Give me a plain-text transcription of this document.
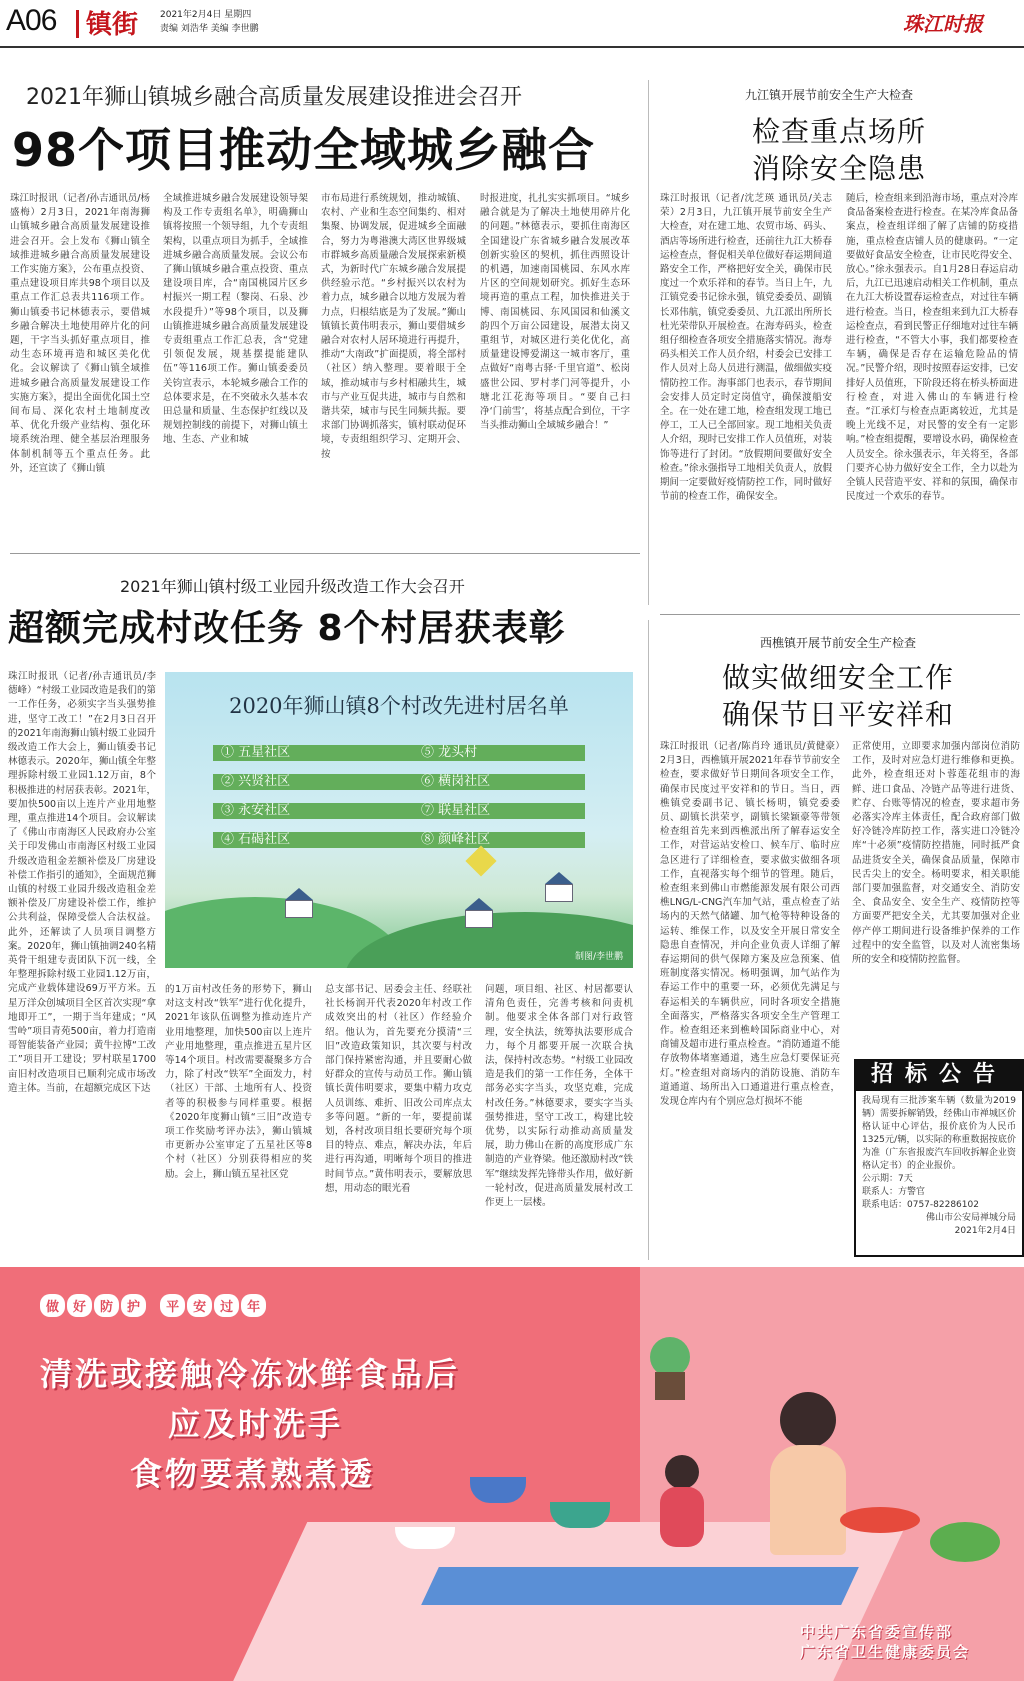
A06 镇街 2021年2月4日 星期四
责编 刘浩华 美编 李世鹏	珠江时报
2021年狮山镇城乡融合高质量发展建设推进会召开
98个项目推动全域城乡融合
珠江时报讯（记者/孙吉通讯员/杨盛梅）2月3日，2021年南海狮山镇城乡融合高质量发展建设推进会召开。会上发布《狮山镇全域推进城乡融合高质量发展建设工作实施方案》，公布重点投资、重点建设项目库共98个项目以及重点工作汇总表共116项工作。狮山镇委书记林德表示，要借城乡融合解决土地使用碎片化的问题，干字当头抓好重点项目，推动生态环境再造和城区美化优化。会议解读了《狮山镇全域推进城乡融合高质量发展建设工作实施方案》，提出全面优化国土空间布局、深化农村土地制度改革、优化升级产业结构、强化环境系统治理、健全基层治理服务体制机制等五个重点任务。此外，还宣读了《狮山镇
全域推进城乡融合发展建设领导架构及工作专责组名单》，明确狮山镇将按照一个领导组，九个专责组架构，以重点项目为抓手，全域推进城乡融合高质量发展。会议公布了狮山镇城乡融合重点投资、重点建设项目库，合“南国桃园片区乡村振兴一期工程（黎岗、石泉、沙水段提升）”等98个项目，以及狮山镇推进城乡融合高质量发展建设专责组重点工作汇总表，含“党建引领促发展，规基摆提能建队伍”等116项工作。狮山镇委委员关钧宣表示，本轮城乡融合工作的总体要求是，在不突破永久基本农田总量和质量、生态保护红线以及规划控制线的前提下，对狮山镇土地、生态、产业和城
市布局进行系统规划，推动城镇、农村、产业和生态空间集约、相对集聚、协调发展，促进城乡全面融合，努力为粤港澳大湾区世界级城市群城乡高质量融合发展探索新模式，为新时代广东城乡融合发展提供经验示范。“乡村振兴以农村为着力点，城乡融合以地方发展为着力点，归根结底是为了发展。”狮山镇镇长黄伟明表示，狮山要借城乡融合对农村人居环境进行再提升，推动“大南政”扩面提质，将全部村（社区）纳入整理。要着眼于全域，推动城市与乡村相融共生，城市与产业互促共进，城市与自然和谐共荣，城市与民生同频共振。要求部门协调抓落实，镇村联动促环境，专责组组织学习、定期开会、按
时报进度，扎扎实实抓项目。“城乡融合就是为了解决土地使用碎片化的问题。”林德表示，要抓住南海区全国建设广东省城乡融合发展改革创新实验区的契机，抓住西照设计的机遇，加速南国桃园、东风水库片区的空间规划研究。抓好生态环境再造的重点工程，加快推进关于博、南国桃园、东风国园和仙溪文韵四个万亩公园建设，展潜太岗又重组节，对城区进行美化优化，高质量建设博爱湖这一城市客厅，重点做好“南粤古驿·千里官道”、松岗盛世公园、罗村孝门河等提升，小塘北江花海等项目。“要自己扫净‘门前雪’，将基点配合到位，干字当头推动狮山全域城乡融合！”
九江镇开展节前安全生产大检查
检查重点场所
消除安全隐患
珠江时报讯（记者/沈芝瑛 通讯员/关志荣）2月3日，九江镇开展节前安全生产大检查，对在建工地、农贸市场、码头、酒店等场所进行检查，还前往九江大桥春运检查点，督促相关单位做好春运期间道路安全工作，严格把好安全关，确保市民度过一个欢乐祥和的春节。当日上午，九江镇党委书记徐永强，镇党委委员、副镇长邓伟航，镇党委委员、九江派出所所长杜光荣带队开展检查。在海寿码头，检查组仔细检查各项安全措施落实情况。海寿码头相关工作人员介绍，村委会已安排工作人员对上岛人员进行测温，做细做实疫情防控工作。海事部门也表示，春节期间会安排人员定时定岗值守，确保渡船安全。在一处在建工地，检查组发现工地已停工，工人已全部回家。现工地相关负责人介绍，现时已安排工作人员值班，对装饰等进行了封闭。“放假期间要做好安全检查。”徐永强指导工地相关负责人，放假期间一定要做好疫情防控工作，同时做好节前的检查工作，确保安全。
随后，检查组来到沿海市场，重点对冷库食品备案检查进行检查。在某冷库食品备案点，检查组详细了解了店铺的防疫措施，重点检查店铺人员的健康码。“一定要做好食品安全检查，让市民吃得安全、放心。”徐永强表示。自1月28日春运启动后，九江已迅速启动相关工作机制，重点在九江大桥设置春运检查点，对过往车辆进行检查。当日，检查组来到九江大桥春运检查点，看到民警正仔细地对过往车辆进行检查，“不管大小事，我们都要检查车辆，确保是否存在运输危险品的情况。”民警介绍，现时按照春运安排，已安排好人员值班，下阶段还将在桥头桥面进行检查，对进入佛山的车辆进行检查。“江承灯与检查点距离较近，尤其是晚上光线不足，对民警的安全有一定影响。”检查组提醒，要增设水码，确保检查人员安全。徐永强表示，年关将至，各部门要齐心协力做好安全工作，全力以赴为全镇人民营造平安、祥和的氛围，确保市民度过一个欢乐的春节。
2021年狮山镇村级工业园升级改造工作大会召开
超额完成村改任务 8个村居获表彰
珠江时报讯（记者/孙吉通讯员/李德峰）“村级工业园改造是我们的第一工作任务，必须实字当头强势推进，坚守工改工！”在2月3日召开的2021年南海狮山镇村级工业园升级改造工作大会上，狮山镇委书记林德表示。2020年，狮山镇全年整理拆除村级工业园1.12万亩，8个积极推进的村居获表彰。2021年，要加快500亩以上连片产业用地整理，重点推进14个项目。会议解读了《佛山市南海区人民政府办公室关于印发佛山市南海区村级工业园升级改造租金差额补偿及厂房建设补偿工作指引的通知》，全面规范狮山镇的村级工业园升级改造租金差额补偿及厂房建设补偿工作，维护公共利益，保障受偿人合法权益。此外，还解读了人员项目调整方案。2020年，狮山镇抽调240名精英骨干组建专责团队下沉一线，全年整理拆除村级工业园1.12万亩，完成产业载体建设69万平方米。五星万洋众创城项目全区首次实现“拿地即开工”，一期于当年建成；“风雪岭”项目青苑500亩，着力打造南哥智能装备产业园；黄牛拉博“工改工”项目开工建设；罗村联星1700亩旧村改造项目已顺利完成市场改造主体。当前，在超额完成区下达
2020年狮山镇8个村改先进村居名单
① 五星社区	⑤ 龙头村
② 兴贤社区	⑥ 横岗社区
③ 永安社区	⑦ 联星社区
④ 石碣社区	⑧ 颜峰社区
制图/李世鹏
的1万亩村改任务的形势下，狮山对这支村改“铁军”进行优化提升，2021年该队伍调整为推动连片产业用地整理，加快500亩以上连片产业用地整理，重点推进五星片区等14个项目。村改需要凝聚多方合力，除了村改“铁军”全面发力，村（社区）干部、土地所有人、投资者等的积极参与同样重要。根据《2020年度狮山镇“三旧”改造专项工作奖励考评办法》，狮山镇城市更新办公室审定了五星社区等8个村（社区）分别获得相应的奖励。会上，狮山镇五星社区党
总支部书记、居委会主任、经联社社长杨润开代表2020年村改工作成效突出的村（社区）作经验介绍。他认为，首先要充分摸清“三旧”改造政策知识，其次要与村改部门保持紧密沟通，并且要耐心做好群众的宣传与动员工作。狮山镇镇长黄伟明要求，要集中精力攻克人员训练、难折、旧改公司库点太多等问题。“新的一年，要提前谋划，各村改项目组长要研究每个项目的特点、难点，解决办法，年后进行再沟通，明晰每个项目的推进时间节点。”黄伟明表示，要解放思想，用动态的眼光看
问题，项目组、社区、村居都要认清角色责任，完善考核和问责机制。他要求全体各部门对行政管理，安全执法，统筹执法要形成合力，每个月都要开展一次联合执法，保持村改态势。“村级工业园改造是我们的第一工作任务，全体干部务必实字当头，攻坚克难，完成村改任务。”林德要求，要实字当头强势推进，坚守工改工，构建比较优势，以实际行动推动高质量发展，助力佛山在新的高度形成广东制造的产业脊梁。他还激励村改“铁军”继续发挥先锋带头作用，做好新一轮村改，促进高质量发展村改工作更上一层楼。
西樵镇开展节前安全生产检查
做实做细安全工作
确保节日平安祥和
珠江时报讯（记者/陈肖玲 通讯员/黄健豪）2月3日，西樵镇开展2021年春节节前安全检查，要求做好节日期间各项安全工作，确保市民度过平安祥和的节日。当日，西樵镇党委副书记、镇长杨明，镇党委委员、副镇长洪荣亨，副镇长梁颖豪等带领检查组首先来到西樵派出所了解春运安全工作，对营运站安检口、候车厅、临时应急区进行了详细检查，要求做实做细各项工作，直视落实每个细节的管理。随后，检查组来到佛山市燃能源发展有限公司西樵LNG/L-CNG汽车加气站，重点检查了站场内的天然气储罐、加气枪等特种设备的运转、维保工作，以及安全开展日常安全隐患自查情况，并向企业负责人详细了解春运期间的供气保障方案及应急预案、值班制度落实情况。杨明强调，加气站作为春运工作中的重要一环，必须优先满足与春运相关的车辆供应，同时各项安全措施全面落实，严格落实各项安全生产管理工作。检查组还来到樵岭国际商业中心，对商铺及超市进行重点检查。“消防通道不能存放物体堵塞通道，逃生应急灯要保证亮灯。”检查组对商场内的消防设施、消防车道通道、场所出入口通道进行重点检查，发现仓库内有个别应急灯损坏不能
正常使用，立即要求加强内部岗位消防工作，及时对应急灯进行维修和更换。此外，检查组还对卜蓉莲花组市的海鲜、进口食品、冷链产品等进行进货、贮存、台账等情况的检查，要求超市务必落实冷库主体责任，配合政府部门做好冷链冷库防控工作，落实进口冷链冷库“十必须”疫情防控措施，同时抵严食品进货安全关，确保食品质量，保障市民舌尖上的安全。杨明要求，相关职能部门要加强监督，对交通安全、消防安全、食品安全、安全生产、疫情防控等方面要严把安全关，尤其要加强对企业停产停工期间进行设备维护保养的工作过程中的安全监管，以及对人流密集场所的安全和疫情防控监督。
招标公告
我局现有三批涉案车辆（数量为2019辆）需要拆解销毁，经佛山市禅城区价格认证中心评估，报价底价为人民币1325元/辆，以实际的称重数据按底价为准（广东省报废汽车回收拆解企业资格认定书）的企业报价。
公示期：7天
联系人：方警官
联系电话：0757-82286102
佛山市公安局禅城分局
2021年2月4日
做	好	防	护	平	安	过	年
清洗或接触冷冻冰鲜食品后
应及时洗手
食物要煮熟煮透
中共广东省委宣传部
广东省卫生健康委员会
